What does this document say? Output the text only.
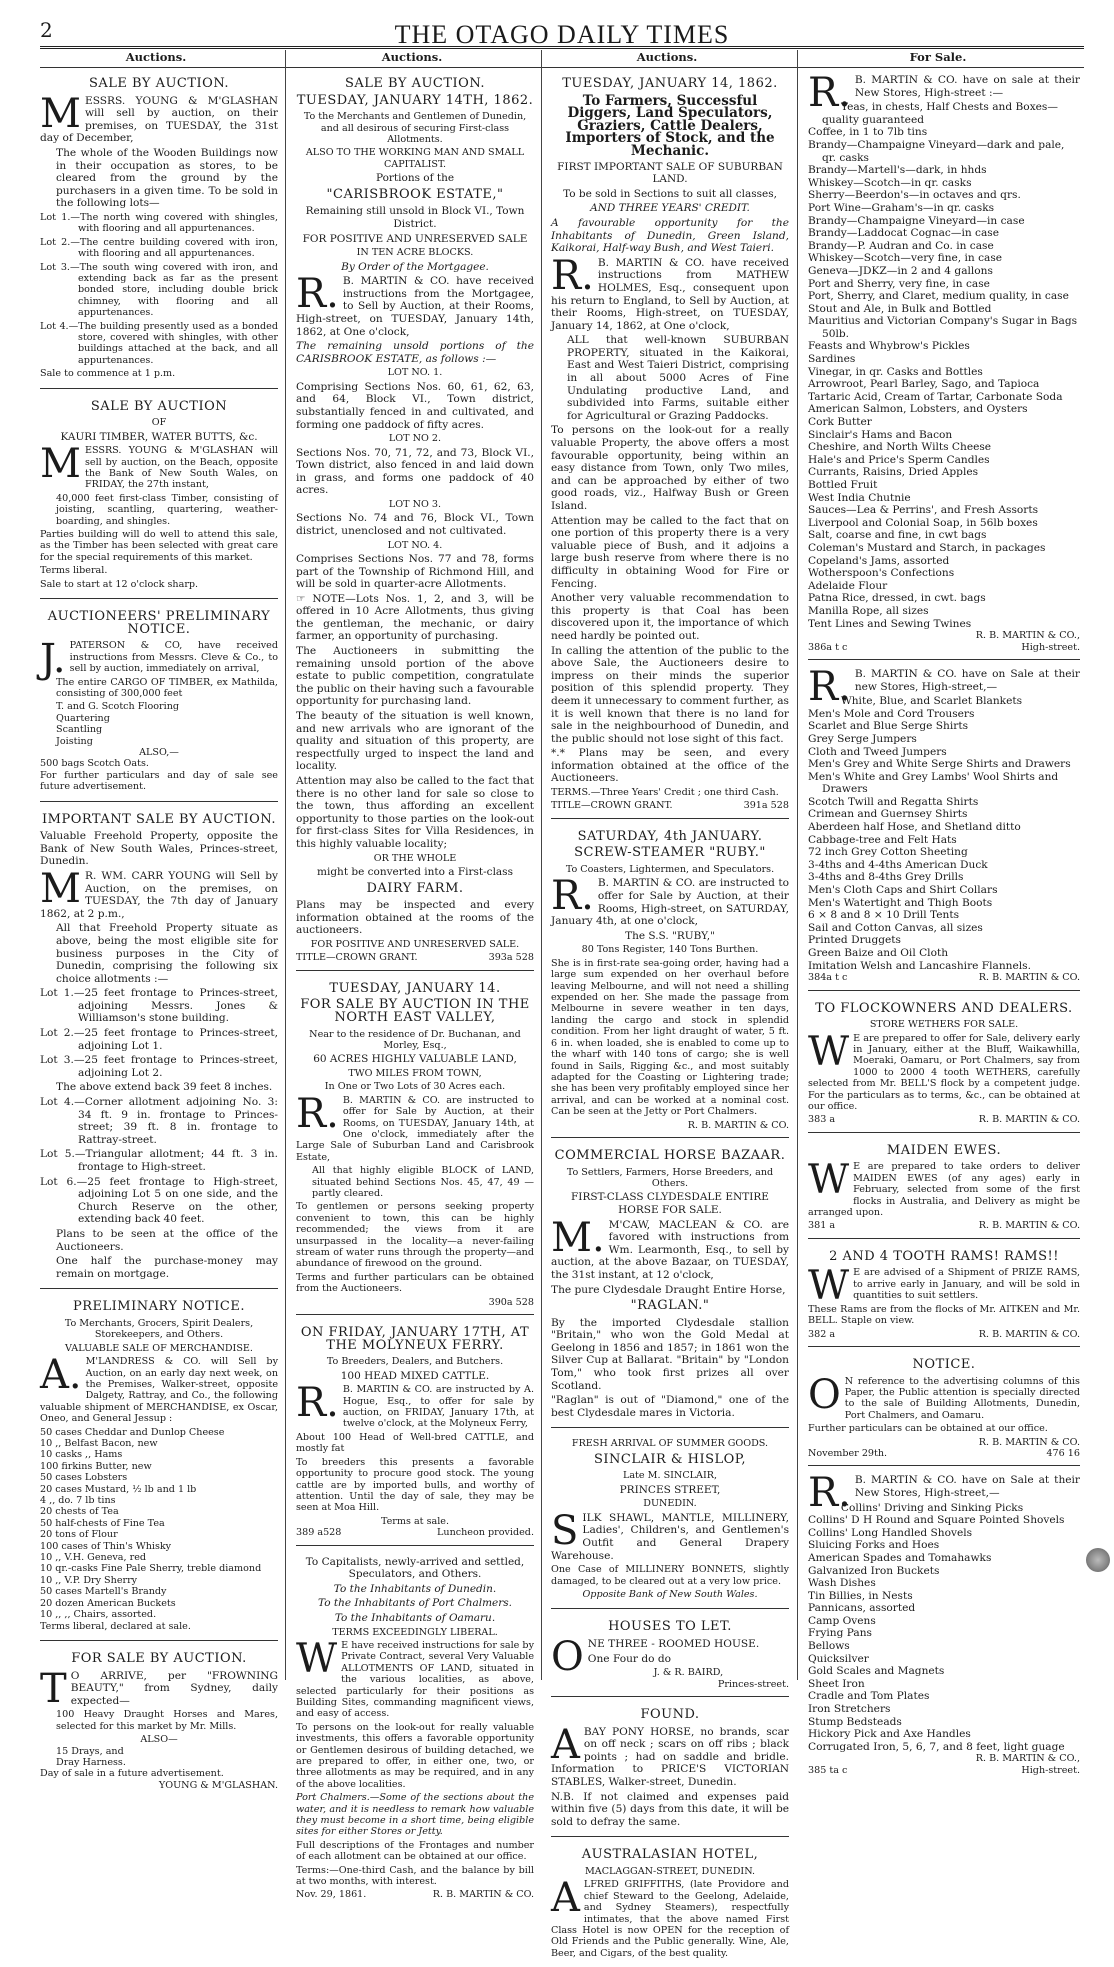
2	THE OTAGO DAILY TIMES
Auctions.	Auctions.	Auctions.	For Sale.
SALE BY AUCTION.

MESSRS. YOUNG & M'GLASHAN will sell by auction, on their premises, on TUESDAY, the 31st day of December,

The whole of the Wooden Buildings now in their occupation as stores, to be cleared from the ground by the purchasers in a given time. To be sold in the following lots—

Lot 1.—The north wing covered with shingles, with flooring and all appurtenances.

Lot 2.—The centre building covered with iron, with flooring and all appurtenances.

Lot 3.—The south wing covered with iron, and extending back as far as the present bonded store, including double brick chimney, with flooring and all appurtenances.

Lot 4.—The building presently used as a bonded store, covered with shingles, with other buildings attached at the back, and all appurtenances.

Sale to commence at 1 p.m.

SALE BY AUCTION
OF
KAURI TIMBER, WATER BUTTS, &c.

MESSRS. YOUNG & M'GLASHAN will sell by auction, on the Beach, opposite the Bank of New South Wales, on FRIDAY, the 27th instant,

40,000 feet first-class Timber, consisting of joisting, scantling, quartering, weather-boarding, and shingles.

Parties building will do well to attend this sale, as the Timber has been selected with great care for the special requirements of this market.

Terms liberal.

Sale to start at 12 o'clock sharp.

AUCTIONEERS' PRELIMINARY NOTICE.

J. PATERSON & CO, have received instructions from Messrs. Cleve & Co., to sell by auction, immediately on arrival,

The entire CARGO OF TIMBER, ex Mathilda, consisting of 300,000 feet

T. and G. Scotch Flooring
Quartering
Scantling
Joisting
ALSO,—
500 bags Scotch Oats.

For further particulars and day of sale see future advertisement.

IMPORTANT SALE BY AUCTION.

Valuable Freehold Property, opposite the Bank of New South Wales, Princes-street, Dunedin.

M R. WM. CARR YOUNG will Sell by Auction, on the premises, on TUESDAY, the 7th day of January 1862, at 2 p.m.,

All that Freehold Property situate as above, being the most eligible site for business purposes in the City of Dunedin, comprising the following six choice allotments :—

Lot 1.—25 feet frontage to Princes-street, adjoining Messrs. Jones & Williamson's stone building.

Lot 2.—25 feet frontage to Princes-street, adjoining Lot 1.

Lot 3.—25 feet frontage to Princes-street, adjoining Lot 2.

The above extend back 39 feet 8 inches.

Lot 4.—Corner allotment adjoining No. 3: 34 ft. 9 in. frontage to Princes-street; 39 ft. 8 in. frontage to Rattray-street.

Lot 5.—Triangular allotment; 44 ft. 3 in. frontage to High-street.

Lot 6.—25 feet frontage to High-street, adjoining Lot 5 on one side, and the Church Reserve on the other, extending back 40 feet.

Plans to be seen at the office of the Auctioneers.

One half the purchase-money may remain on mortgage.

PRELIMINARY NOTICE.
To Merchants, Grocers, Spirit Dealers, Storekeepers, and Others.
VALUABLE SALE OF MERCHANDISE.

A. M'LANDRESS & CO. will Sell by Auction, on an early day next week, on the Premises, Walker-street, opposite Dalgety, Rattray, and Co., the following valuable shipment of MERCHANDISE, ex Oscar, Oneo, and General Jessup :

50 cases Cheddar and Dunlop Cheese
10 ,, Belfast Bacon, new
10 casks ,, Hams
100 firkins Butter, new
50 cases Lobsters
20 cases Mustard, ½ lb and 1 lb
4 ,, do. 7 lb tins
20 chests of Tea
50 half-chests of Fine Tea
20 tons of Flour
100 cases of Thin's Whisky
10 ,, V.H. Geneva, red
10 qr.-casks Fine Pale Sherry, treble diamond
10 ,, V.P. Dry Sherry
50 cases Martell's Brandy
20 dozen American Buckets
10 ,, ,, Chairs, assorted.

Terms liberal, declared at sale.

FOR SALE BY AUCTION.

T O ARRIVE, per "FROWNING BEAUTY," from Sydney, daily expected—

100 Heavy Draught Horses and Mares, selected for this market by Mr. Mills.

ALSO—
15 Drays, and
Dray Harness.
Day of sale in a future advertisement.
YOUNG & M'GLASHAN.
SALE BY AUCTION.
TUESDAY, JANUARY 14TH, 1862.
To the Merchants and Gentlemen of Dunedin, and all desirous of securing First-class Allotments.
ALSO TO THE WORKING MAN AND SMALL CAPITALIST.
Portions of the
"CARISBROOK ESTATE,"
Remaining still unsold in Block VI., Town District.
FOR POSITIVE AND UNRESERVED SALE
IN TEN ACRE BLOCKS.
By Order of the Mortgagee.

R. B. MARTIN & CO. have received instructions from the Mortgagee, to Sell by Auction, at their Rooms, High-street, on TUESDAY, January 14th, 1862, at One o'clock,

The remaining unsold portions of the CARISBROOK ESTATE, as follows :—

LOT NO. 1.

Comprising Sections Nos. 60, 61, 62, 63, and 64, Block VI., Town district, substantially fenced in and cultivated, and forming one paddock of fifty acres.

LOT NO 2.

Sections Nos. 70, 71, 72, and 73, Block VI., Town district, also fenced in and laid down in grass, and forms one paddock of 40 acres.

LOT NO 3.

Sections No. 74 and 76, Block VI., Town district, unenclosed and not cultivated.

LOT NO. 4.

Comprises Sections Nos. 77 and 78, forms part of the Township of Richmond Hill, and will be sold in quarter-acre Allotments.

☞ NOTE—Lots Nos. 1, 2, and 3, will be offered in 10 Acre Allotments, thus giving the gentleman, the mechanic, or dairy farmer, an opportunity of purchasing.

The Auctioneers in submitting the remaining unsold portion of the above estate to public competition, congratulate the public on their having such a favourable opportunity for purchasing land.

The beauty of the situation is well known, and new arrivals who are ignorant of the quality and situation of this property, are respectfully urged to inspect the land and locality.

Attention may also be called to the fact that there is no other land for sale so close to the town, thus affording an excellent opportunity to those parties on the look-out for first-class Sites for Villa Residences, in this highly valuable locality;

OR THE WHOLE
might be converted into a First-class
DAIRY FARM.

Plans may be inspected and every information obtained at the rooms of the auctioneers.

FOR POSITIVE AND UNRESERVED SALE.
TITLE—CROWN GRANT.	393a 528
TUESDAY, JANUARY 14.
FOR SALE BY AUCTION IN THE NORTH EAST VALLEY,
Near to the residence of Dr. Buchanan, and Morley, Esq.,
60 ACRES HIGHLY VALUABLE LAND,
TWO MILES FROM TOWN,
In One or Two Lots of 30 Acres each.

R. B. MARTIN & CO. are instructed to offer for Sale by Auction, at their Rooms, on TUESDAY, January 14th, at One o'clock, immediately after the Large Sale of Suburban Land and Carisbrook Estate,

All that highly eligible BLOCK of LAND, situated behind Sections Nos. 45, 47, 49 —partly cleared.

To gentlemen or persons seeking property convenient to town, this can be highly recommended; the views from it are unsurpassed in the locality—a never-failing stream of water runs through the property—and abundance of firewood on the ground.

Terms and further particulars can be obtained from the Auctioneers.

390a 528
ON FRIDAY, JANUARY 17TH, AT THE MOLYNEUX FERRY.
To Breeders, Dealers, and Butchers.
100 HEAD MIXED CATTLE.

R. B. MARTIN & CO. are instructed by A. Hogue, Esq., to offer for sale by auction, on FRIDAY, January 17th, at twelve o'clock, at the Molyneux Ferry,

About 100 Head of Well-bred CATTLE, and mostly fat

To breeders this presents a favorable opportunity to procure good stock. The young cattle are by imported bulls, and worthy of attention. Until the day of sale, they may be seen at Moa Hill.

Terms at sale.
389 a528	Luncheon provided.
To Capitalists, newly-arrived and settled, Speculators, and Others.
To the Inhabitants of Dunedin.
To the Inhabitants of Port Chalmers.
To the Inhabitants of Oamaru.
TERMS EXCEEDINGLY LIBERAL.

W E have received instructions for sale by Private Contract, several Very Valuable ALLOTMENTS OF LAND, situated in the various localities, as above, selected particularly for their positions as Building Sites, commanding magnificent views, and easy of access.

To persons on the look-out for really valuable investments, this offers a favorable opportunity or Gentlemen desirous of building detached, we are prepared to offer, in either one, two, or three allotments as may be required, and in any of the above localities.

Port Chalmers.—Some of the sections about the water, and it is needless to remark how valuable they must become in a short time, being eligible sites for either Stores or Jetty.

Full descriptions of the Frontages and number of each allotment can be obtained at our office.

Terms:—One-third Cash, and the balance by bill at two months, with interest.

Nov. 29, 1861.	R. B. MARTIN & CO.
TUESDAY, JANUARY 14, 1862.
To Farmers, Successful Diggers, Land Speculators, Graziers, Cattle Dealers, Importers of Stock, and the Mechanic.
FIRST IMPORTANT SALE OF SUBURBAN LAND.
To be sold in Sections to suit all classes,
AND THREE YEARS' CREDIT.

A favourable opportunity for the Inhabitants of Dunedin, Green Island, Kaikorai, Half-way Bush, and West Taieri.

R. B. MARTIN & CO. have received instructions from MATHEW HOLMES, Esq., consequent upon his return to England, to Sell by Auction, at their Rooms, High-street, on TUESDAY, January 14, 1862, at One o'clock,

ALL that well-known SUBURBAN PROPERTY, situated in the Kaikorai, East and West Taieri District, comprising in all about 5000 Acres of Fine Undulating productive Land, and subdivided into Farms, suitable either for Agricultural or Grazing Paddocks.

To persons on the look-out for a really valuable Property, the above offers a most favourable opportunity, being within an easy distance from Town, only Two miles, and can be approached by either of two good roads, viz., Halfway Bush or Green Island.

Attention may be called to the fact that on one portion of this property there is a very valuable piece of Bush, and it adjoins a large bush reserve from where there is no difficulty in obtaining Wood for Fire or Fencing.

Another very valuable recommendation to this property is that Coal has been discovered upon it, the importance of which need hardly be pointed out.

In calling the attention of the public to the above Sale, the Auctioneers desire to impress on their minds the superior position of this splendid property. They deem it unnecessary to comment further, as it is well known that there is no land for sale in the neighbourhood of Dunedin, and the public should not lose sight of this fact.

*.* Plans may be seen, and every information obtained at the office of the Auctioneers.

TERMS.—Three Years' Credit ; one third Cash.

TITLE—CROWN GRANT.	391a 528
SATURDAY, 4th JANUARY.
SCREW-STEAMER "RUBY."
To Coasters, Lightermen, and Speculators.

R. B. MARTIN & CO. are instructed to offer for Sale by Auction, at their Rooms, High-street, on SATURDAY, January 4th, at one o'clock,

The S.S. "RUBY,"
80 Tons Register, 140 Tons Burthen.

She is in first-rate sea-going order, having had a large sum expended on her overhaul before leaving Melbourne, and will not need a shilling expended on her. She made the passage from Melbourne in severe weather in ten days, landing the cargo and stock in splendid condition. From her light draught of water, 5 ft. 6 in. when loaded, she is enabled to come up to the wharf with 140 tons of cargo; she is well found in Sails, Rigging &c., and most suitably adapted for the Coasting or Lightering trade; she has been very profitably employed since her arrival, and can be worked at a nominal cost. Can be seen at the Jetty or Port Chalmers.

R. B. MARTIN & CO.
COMMERCIAL HORSE BAZAAR.
To Settlers, Farmers, Horse Breeders, and Others.
FIRST-CLASS CLYDESDALE ENTIRE HORSE FOR SALE.

M. M'CAW, MACLEAN & CO. are favored with instructions from Wm. Learmonth, Esq., to sell by auction, at the above Bazaar, on TUESDAY, the 31st instant, at 12 o'clock,

The pure Clydesdale Draught Entire Horse,

"RAGLAN."

By the imported Clydesdale stallion "Britain," who won the Gold Medal at Geelong in 1856 and 1857; in 1861 won the Silver Cup at Ballarat. "Britain" by "London Tom," who took first prizes all over Scotland.

"Raglan" is out of "Diamond," one of the best Clydesdale mares in Victoria.

FRESH ARRIVAL OF SUMMER GOODS.
SINCLAIR & HISLOP,
Late M. SINCLAIR,
PRINCES STREET,
DUNEDIN.

SILK SHAWL, MANTLE, MILLINERY, Ladies', Children's, and Gentlemen's Outfit and General Drapery Warehouse.

One Case of MILLINERY BONNETS, slightly damaged, to be cleared out at a very low price.

Opposite Bank of New South Wales.
HOUSES TO LET.

ONE THREE - ROOMED HOUSE.

One Four do do

J. & R. BAIRD,
Princes-street.
FOUND.

ABAY PONY HORSE, no brands, scar on off neck ; scars on off ribs ; black points ; had on saddle and bridle. Information to PRICE'S VICTORIAN STABLES, Walker-street, Dunedin.

N.B. If not claimed and expenses paid within five (5) days from this date, it will be sold to defray the same.

AUSTRALASIAN HOTEL,
MACLAGGAN-STREET, DUNEDIN.

ALFRED GRIFFITHS, (late Providore and chief Steward to the Geelong, Adelaide, and Sydney Steamers), respectfully intimates, that the above named First Class Hotel is now OPEN for the reception of Old Friends and the Public generally. Wine, Ale, Beer, and Cigars, of the best quality.

R. B. MARTIN & CO. have on sale at their New Stores, High-street :—

Teas, in chests, Half Chests and Boxes—quality guaranteed
Coffee, in 1 to 7lb tins
Brandy—Champaigne Vineyard—dark and pale, qr. casks
Brandy—Martell's—dark, in hhds
Whiskey—Scotch—in qr. casks
Sherry—Beerdon's—in octaves and qrs.
Port Wine—Graham's—in qr. casks
Brandy—Champaigne Vineyard—in case
Brandy—Laddocat Cognac—in case
Brandy—P. Audran and Co. in case
Whiskey—Scotch—very fine, in case
Geneva—JDKZ—in 2 and 4 gallons
Port and Sherry, very fine, in case
Port, Sherry, and Claret, medium quality, in case
Stout and Ale, in Bulk and Bottled
Mauritius and Victorian Company's Sugar in Bags 50lb.
Feasts and Whybrow's Pickles
Sardines
Vinegar, in qr. Casks and Bottles
Arrowroot, Pearl Barley, Sago, and Tapioca
Tartaric Acid, Cream of Tartar, Carbonate Soda
American Salmon, Lobsters, and Oysters
Cork Butter
Sinclair's Hams and Bacon
Cheshire, and North Wilts Cheese
Hale's and Price's Sperm Candles
Currants, Raisins, Dried Apples
Bottled Fruit
West India Chutnie
Sauces—Lea & Perrins', and Fresh Assorts
Liverpool and Colonial Soap, in 56lb boxes
Salt, coarse and fine, in cwt bags
Coleman's Mustard and Starch, in packages
Copeland's Jams, assorted
Wotherspoon's Confections
Adelaide Flour
Patna Rice, dressed, in cwt. bags
Manilla Rope, all sizes
Tent Lines and Sewing Twines
R. B. MARTIN & CO.,
386a t c	High-street.

R. B. MARTIN & CO. have on Sale at their new Stores, High-street,—

White, Blue, and Scarlet Blankets
Men's Mole and Cord Trousers
Scarlet and Blue Serge Shirts
Grey Serge Jumpers
Cloth and Tweed Jumpers
Men's Grey and White Serge Shirts and Drawers
Men's White and Grey Lambs' Wool Shirts and Drawers
Scotch Twill and Regatta Shirts
Crimean and Guernsey Shirts
Aberdeen half Hose, and Shetland ditto
Cabbage-tree and Felt Hats
72 inch Grey Cotton Sheeting
3-4ths and 4-4ths American Duck
3-4ths and 8-4ths Grey Drills
Men's Cloth Caps and Shirt Collars
Men's Watertight and Thigh Boots
6 × 8 and 8 × 10 Drill Tents
Sail and Cotton Canvas, all sizes
Printed Druggets
Green Baize and Oil Cloth
Imitation Welsh and Lancashire Flannels.
384a t c	R. B. MARTIN & CO.
TO FLOCKOWNERS AND DEALERS.
STORE WETHERS FOR SALE.

W E are prepared to offer for Sale, delivery early in January, either at the Bluff, Waikawhilla, Moeraki, Oamaru, or Port Chalmers, say from 1000 to 2000 4 tooth WETHERS, carefully selected from Mr. BELL'S flock by a competent judge. For the particulars as to terms, &c., can be obtained at our office.

383 a	R. B. MARTIN & CO.
MAIDEN EWES.

W E are prepared to take orders to deliver MAIDEN EWES (of any ages) early in February, selected from some of the first flocks in Australia, and Delivery as might be arranged upon.

381 a	R. B. MARTIN & CO.
2 AND 4 TOOTH RAMS! RAMS!!

W E are advised of a Shipment of PRIZE RAMS, to arrive early in January, and will be sold in quantities to suit settlers.

These Rams are from the flocks of Mr. AITKEN and Mr. BELL. Staple on view.

382 a	R. B. MARTIN & CO.
NOTICE.

O N reference to the advertising columns of this Paper, the Public attention is specially directed to the sale of Building Allotments, Dunedin, Port Chalmers, and Oamaru.

Further particulars can be obtained at our office.

R. B. MARTIN & CO.
November 29th.	476 16

R. B. MARTIN & CO. have on Sale at their New Stores, High-street,—

Collins' Driving and Sinking Picks
Collins' D H Round and Square Pointed Shovels
Collins' Long Handled Shovels
Sluicing Forks and Hoes
American Spades and Tomahawks
Galvanized Iron Buckets
Wash Dishes
Tin Billies, in Nests
Pannicans, assorted
Camp Ovens
Frying Pans
Bellows
Quicksilver
Gold Scales and Magnets
Sheet Iron
Cradle and Tom Plates
Iron Stretchers
Stump Bedsteads
Hickory Pick and Axe Handles
Corrugated Iron, 5, 6, 7, and 8 feet, light guage
R. B. MARTIN & CO.,
385 ta c	High-street.
